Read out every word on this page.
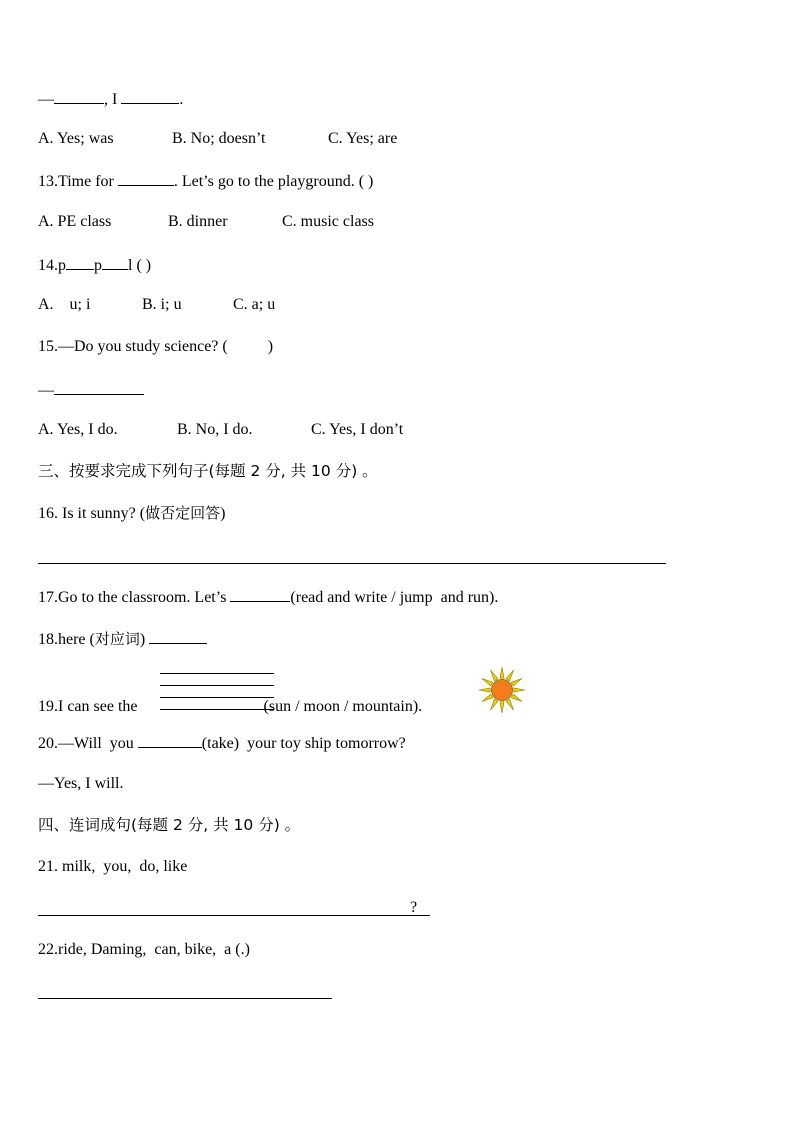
—	, I	.
A. Yes; was	B. No; doesn’t	C. Yes; are
13.Time for	. Let’s go to the playground. ( )
A. PE class	B. dinner	C. music class
14.p p l ( )
A.    u; i	B. i; u	C. a; u
15.—Do you study science? (          )
—
A. Yes, I do.	B. No, I do.	C. Yes, I don’t
三、按要求完成下列句子(每题 2 分, 共 10 分) 。
16. Is it sunny? (做否定回答)
17.Go to the classroom. Let’s	(read and write / jump  and run).
18.here (对应词)
19.I can see the	(sun / moon / mountain).
20.—Will  you	(take)  your toy ship tomorrow?
—Yes, I will.
四、连词成句(每题 2 分, 共 10 分) 。
21. milk,  you,  do, like
?
22.ride, Daming,  can, bike,  a (.)
